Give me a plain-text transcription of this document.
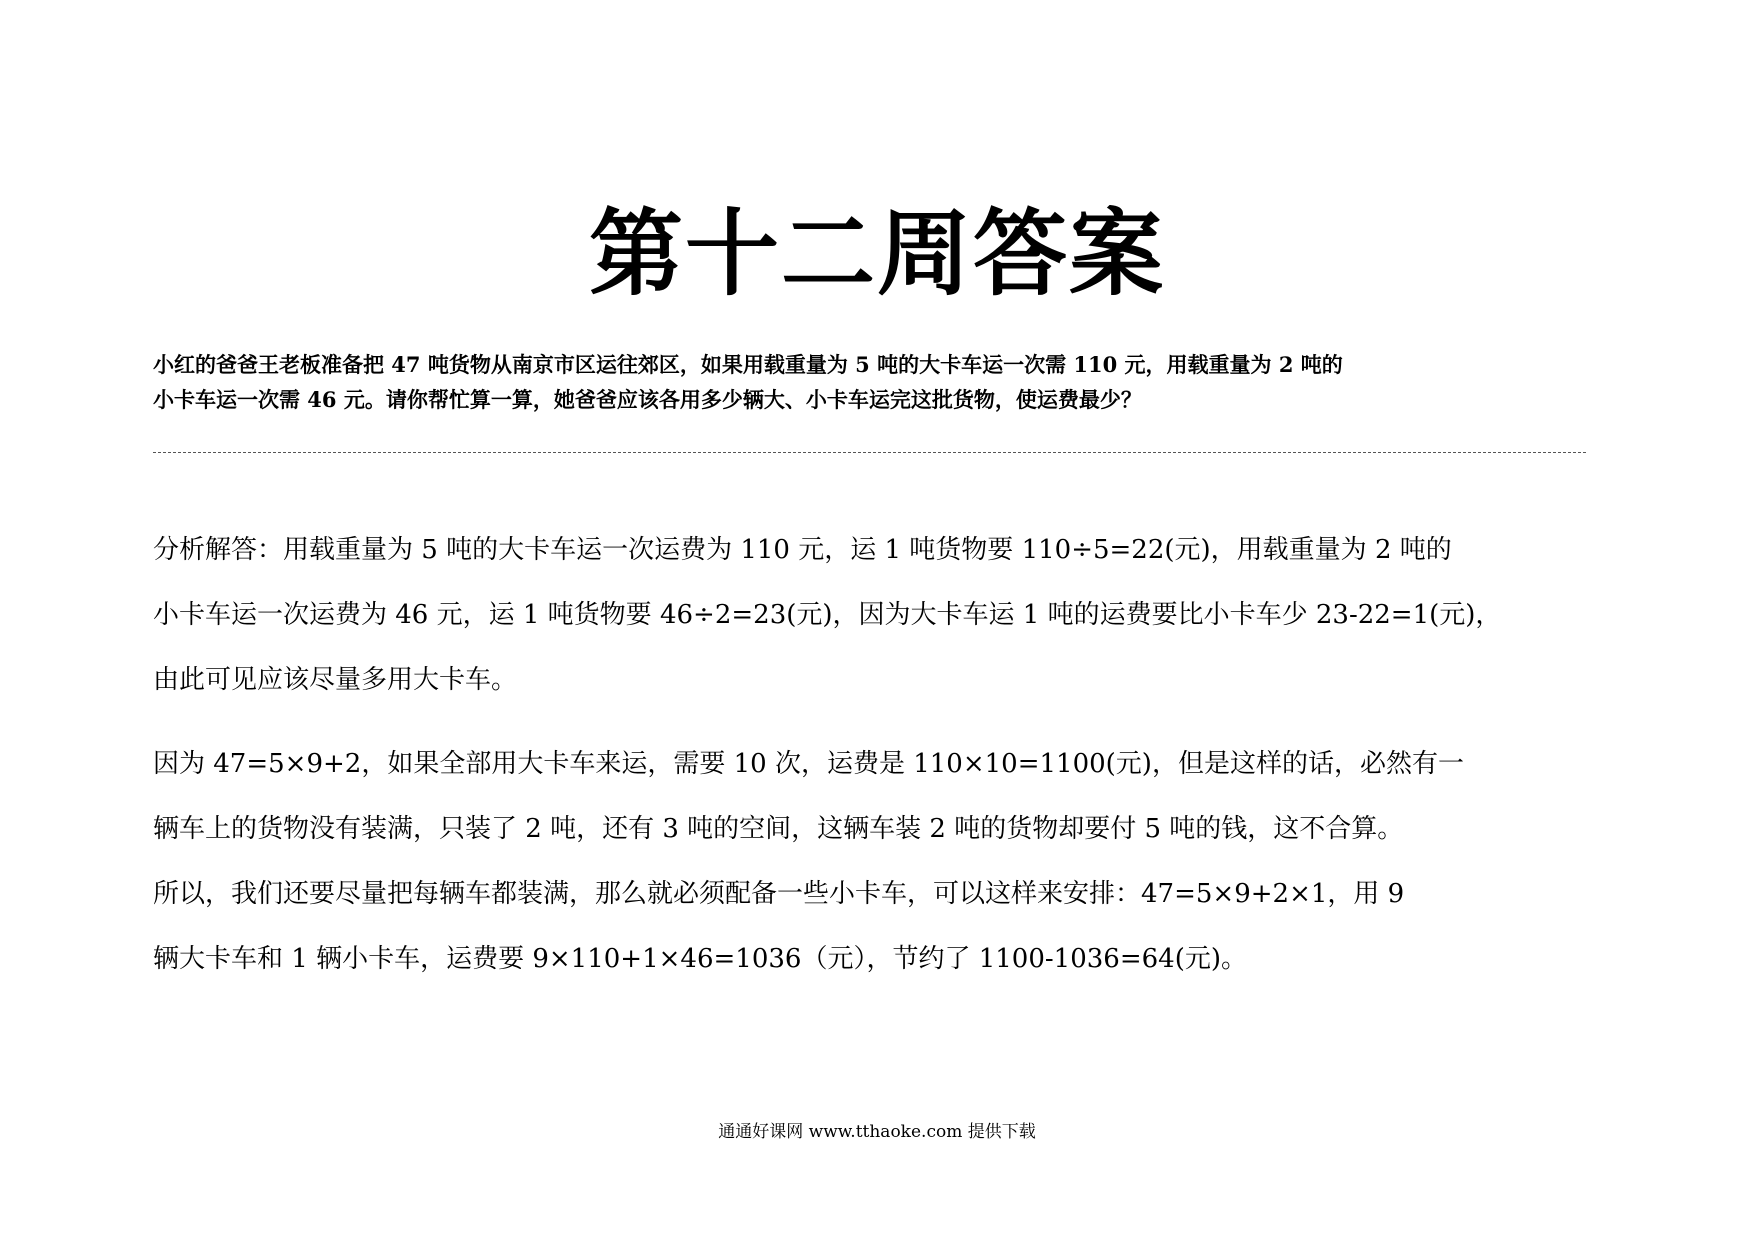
第十二周答案

小红的爸爸王老板准备把 47 吨货物从南京市区运往郊区，如果用载重量为 5 吨的大卡车运一次需 110 元，用载重量为 2 吨的

小卡车运一次需 46 元。请你帮忙算一算，她爸爸应该各用多少辆大、小卡车运完这批货物，使运费最少？

分析解答：用载重量为 5 吨的大卡车运一次运费为 110 元，运 1 吨货物要 110÷5=22(元)，用载重量为 2 吨的

小卡车运一次运费为 46 元，运 1 吨货物要 46÷2=23(元)，因为大卡车运 1 吨的运费要比小卡车少 23-22=1(元)，

由此可见应该尽量多用大卡车。

因为 47=5×9+2，如果全部用大卡车来运，需要 10 次，运费是 110×10=1100(元)，但是这样的话，必然有一

辆车上的货物没有装满，只装了 2 吨，还有 3 吨的空间，这辆车装 2 吨的货物却要付 5 吨的钱，这不合算。

所以，我们还要尽量把每辆车都装满，那么就必须配备一些小卡车，可以这样来安排：47=5×9+2×1，用 9

辆大卡车和 1 辆小卡车，运费要 9×110+1×46=1036（元），节约了 1100-1036=64(元)。

通通好课网 www.tthaoke.com 提供下载
